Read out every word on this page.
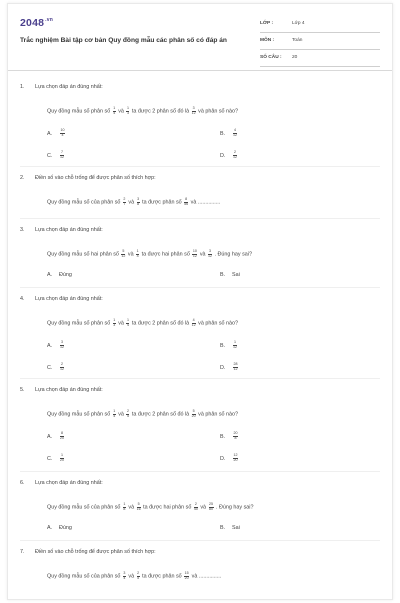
$2048^{.vn}$
Trắc nghiệm Bài tập cơ bản Quy đồng mẫu các phân số có đáp án
LỚP :	Lớp 4
MÔN :	Toán
SỐ CÂU : 20
1. Lựa chọn đáp án đúng nhất:
Quy đồng mẫu số phân số $\frac{1}{4}$ và $\frac{1}{3}$ ta được 2 phân số đó là $\frac{3}{12}$ và phân số nào?
A. $\frac{10}{4}$	B. $\frac{4}{12}$
C. $\frac{7}{12}$	D. $\frac{2}{12}$
2. Điền số vào chỗ trống để được phân số thích hợp:
Quy đồng mẫu số của phân số $\frac{2}{7}$ và $\frac{3}{8}$ ta được phân số $\frac{8}{56}$ và ...............
3. Lựa chọn đáp án đúng nhất:
Quy đồng mẫu số hai phân số $\frac{5}{12}$ và $\frac{1}{4}$ ta được hai phân số $\frac{10}{12}$ và $\frac{3}{12}$ . Đúng hay sai?
A. Đúng	B. Sai
4. Lựa chọn đáp án đúng nhất:
Quy đồng mẫu số phân số $\frac{1}{3}$ và $\frac{1}{4}$ ta được 2 phân số đó là $\frac{4}{12}$ và phân số nào?
A. $\frac{3}{12}$	B. $\frac{1}{12}$
C. $\frac{2}{12}$	D. $\frac{28}{12}$
5. Lựa chọn đáp án đúng nhất:
Quy đồng mẫu số phân số $\frac{1}{4}$ và $\frac{2}{5}$ ta được 2 phân số đó là $\frac{5}{20}$ và phân số nào?
A. $\frac{8}{20}$	B. $\frac{20}{8}$
C. $\frac{1}{20}$	D. $\frac{12}{20}$
6. Lựa chọn đáp án đúng nhất:
Quy đồng mẫu số của phân số $\frac{1}{8}$ và $\frac{5}{16}$ ta được hai phân số $\frac{2}{40}$ và $\frac{25}{80}$ . Đúng hay sai?
A. Đúng	B. Sai
7. Điền số vào chỗ trống để được phân số thích hợp:
Quy đồng mẫu số của phân số $\frac{3}{4}$ và $\frac{2}{5}$ ta được phân số $\frac{15}{20}$ và ...............
